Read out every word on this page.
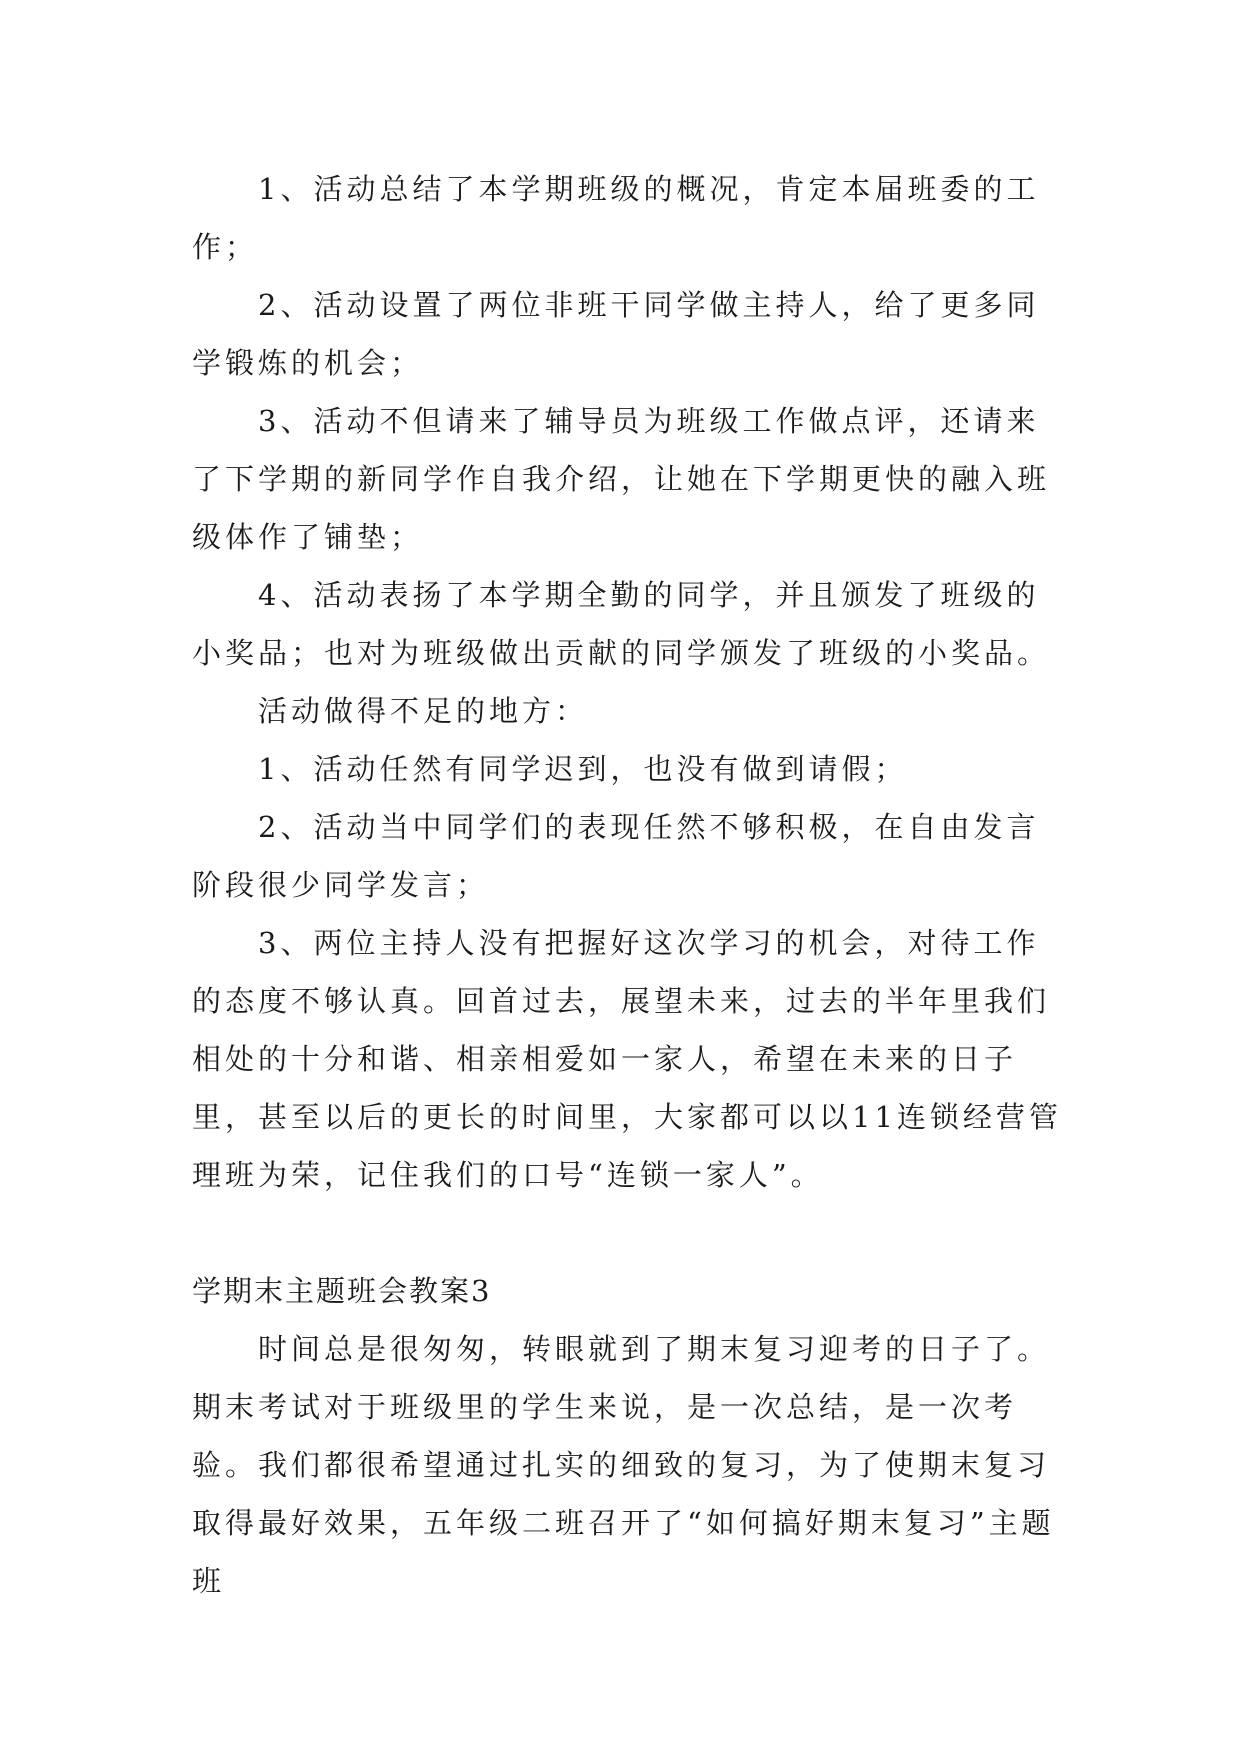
1、活动总结了本学期班级的概况，肯定本届班委的工作；

2、活动设置了两位非班干同学做主持人，给了更多同学锻炼的机会；

3、活动不但请来了辅导员为班级工作做点评，还请来了下学期的新同学作自我介绍，让她在下学期更快的融入班级体作了铺垫；

4、活动表扬了本学期全勤的同学，并且颁发了班级的小奖品；也对为班级做出贡献的同学颁发了班级的小奖品。

活动做得不足的地方：

1、活动任然有同学迟到，也没有做到请假；

2、活动当中同学们的表现任然不够积极，在自由发言阶段很少同学发言；

3、两位主持人没有把握好这次学习的机会，对待工作的态度不够认真。回首过去，展望未来，过去的半年里我们相处的十分和谐、相亲相爱如一家人，希望在未来的日子里，甚至以后的更长的时间里，大家都可以以11连锁经营管理班为荣，记住我们的口号“连锁一家人”。

学期末主题班会教案3

时间总是很匆匆，转眼就到了期末复习迎考的日子了。期末考试对于班级里的学生来说，是一次总结，是一次考验。我们都很希望通过扎实的细致的复习，为了使期末复习取得最好效果，五年级二班召开了“如何搞好期末复习”主题班
